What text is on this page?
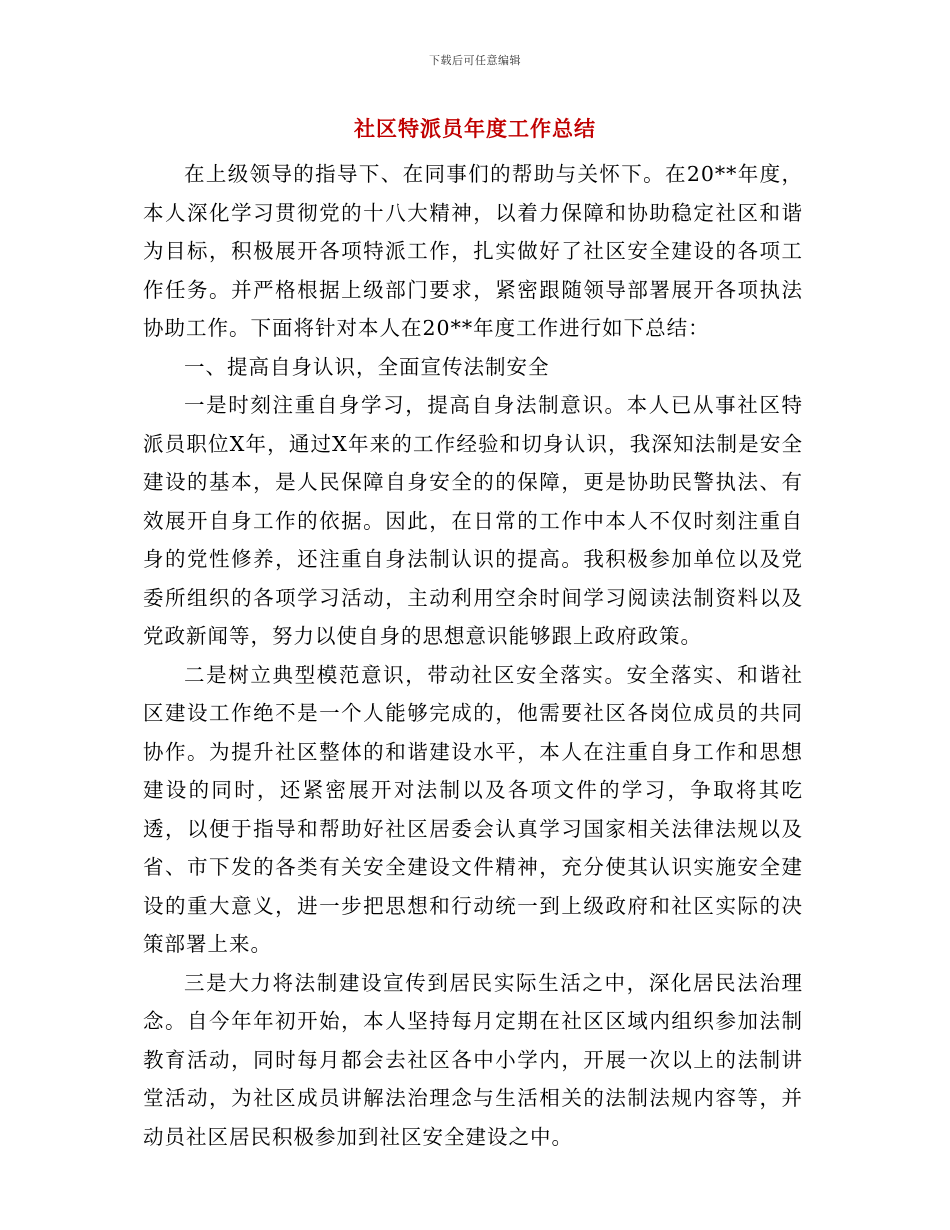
下载后可任意编辑
社区特派员年度工作总结

在上级领导的指导下、在同事们的帮助与关怀下。在20**年度，本人深化学习贯彻党的十八大精神，以着力保障和协助稳定社区和谐为目标，积极展开各项特派工作，扎实做好了社区安全建设的各项工作任务。并严格根据上级部门要求，紧密跟随领导部署展开各项执法协助工作。下面将针对本人在20**年度工作进行如下总结：

一、提高自身认识，全面宣传法制安全

一是时刻注重自身学习，提高自身法制意识。本人已从事社区特派员职位X年，通过X年来的工作经验和切身认识，我深知法制是安全建设的基本，是人民保障自身安全的的保障，更是协助民警执法、有效展开自身工作的依据。因此，在日常的工作中本人不仅时刻注重自身的党性修养，还注重自身法制认识的提高。我积极参加单位以及党委所组织的各项学习活动，主动利用空余时间学习阅读法制资料以及党政新闻等，努力以使自身的思想意识能够跟上政府政策。

二是树立典型模范意识，带动社区安全落实。安全落实、和谐社区建设工作绝不是一个人能够完成的，他需要社区各岗位成员的共同协作。为提升社区整体的和谐建设水平，本人在注重自身工作和思想建设的同时，还紧密展开对法制以及各项文件的学习，争取将其吃透，以便于指导和帮助好社区居委会认真学习国家相关法律法规以及省、市下发的各类有关安全建设文件精神，充分使其认识实施安全建设的重大意义，进一步把思想和行动统一到上级政府和社区实际的决策部署上来。

三是大力将法制建设宣传到居民实际生活之中，深化居民法治理念。自今年年初开始，本人坚持每月定期在社区区域内组织参加法制教育活动，同时每月都会去社区各中小学内，开展一次以上的法制讲堂活动，为社区成员讲解法治理念与生活相关的法制法规内容等，并动员社区居民积极参加到社区安全建设之中。
